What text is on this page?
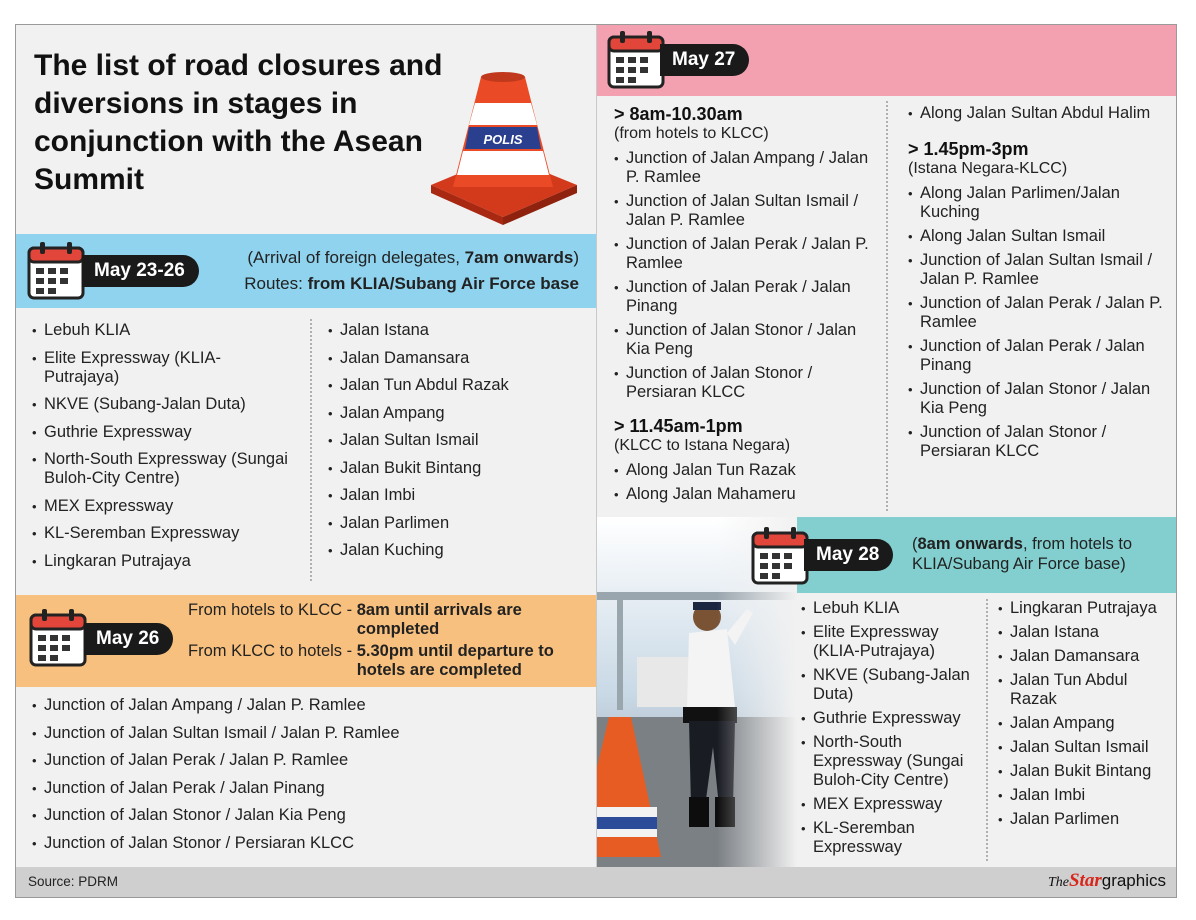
The list of road closures and diversions in stages in conjunction with the Asean Summit
POLIS
May 23-26
(Arrival of foreign delegates, 7am onwards)
Routes: from KLIA/Subang Air Force base
• Lebuh KLIA
• Elite Expressway (KLIA-Putrajaya)
• NKVE (Subang-Jalan Duta)
• Guthrie Expressway
• North-South Expressway (Sungai Buloh-City Centre)
• MEX Expressway
• KL-Seremban Expressway
• Lingkaran Putrajaya
• Jalan Istana
• Jalan Damansara
• Jalan Tun Abdul Razak
• Jalan Ampang
• Jalan Sultan Ismail
• Jalan Bukit Bintang
• Jalan Imbi
• Jalan Parlimen
• Jalan Kuching
May 26
From hotels to KLCC - 8am until arrivals are completed
From KLCC to hotels - 5.30pm until departure to hotels are completed
• Junction of Jalan Ampang / Jalan P. Ramlee
• Junction of Jalan Sultan Ismail / Jalan P. Ramlee
• Junction of Jalan Perak / Jalan P. Ramlee
• Junction of Jalan Perak / Jalan Pinang
• Junction of Jalan Stonor / Jalan Kia Peng
• Junction of Jalan Stonor / Persiaran KLCC
May 27
> 8am-10.30am
(from hotels to KLCC)
• Junction of Jalan Ampang / Jalan P. Ramlee
• Junction of Jalan Sultan Ismail / Jalan P. Ramlee
• Junction of Jalan Perak / Jalan P. Ramlee
• Junction of Jalan Perak / Jalan Pinang
• Junction of Jalan Stonor / Jalan Kia Peng
• Junction of Jalan Stonor / Persiaran KLCC
> 11.45am-1pm
(KLCC to Istana Negara)
• Along Jalan Tun Razak
• Along Jalan Mahameru
• Along Jalan Sultan Abdul Halim
> 1.45pm-3pm
(Istana Negara-KLCC)
• Along Jalan Parlimen/Jalan Kuching
• Along Jalan Sultan Ismail
• Junction of Jalan Sultan Ismail / Jalan P. Ramlee
• Junction of Jalan Perak / Jalan P. Ramlee
• Junction of Jalan Perak / Jalan Pinang
• Junction of Jalan Stonor / Jalan Kia Peng
• Junction of Jalan Stonor / Persiaran KLCC
May 28	(8am onwards, from hotels to KLIA/Subang Air Force base)
• Lebuh KLIA
• Elite Expressway (KLIA-Putrajaya)
• NKVE (Subang-Jalan Duta)
• Guthrie Expressway
• North-South Expressway (Sungai Buloh-City Centre)
• MEX Expressway
• KL-Seremban Expressway
• Lingkaran Putrajaya
• Jalan Istana
• Jalan Damansara
• Jalan Tun Abdul Razak
• Jalan Ampang
• Jalan Sultan Ismail
• Jalan Bukit Bintang
• Jalan Imbi
• Jalan Parlimen
Source: PDRM	TheStargraphics
